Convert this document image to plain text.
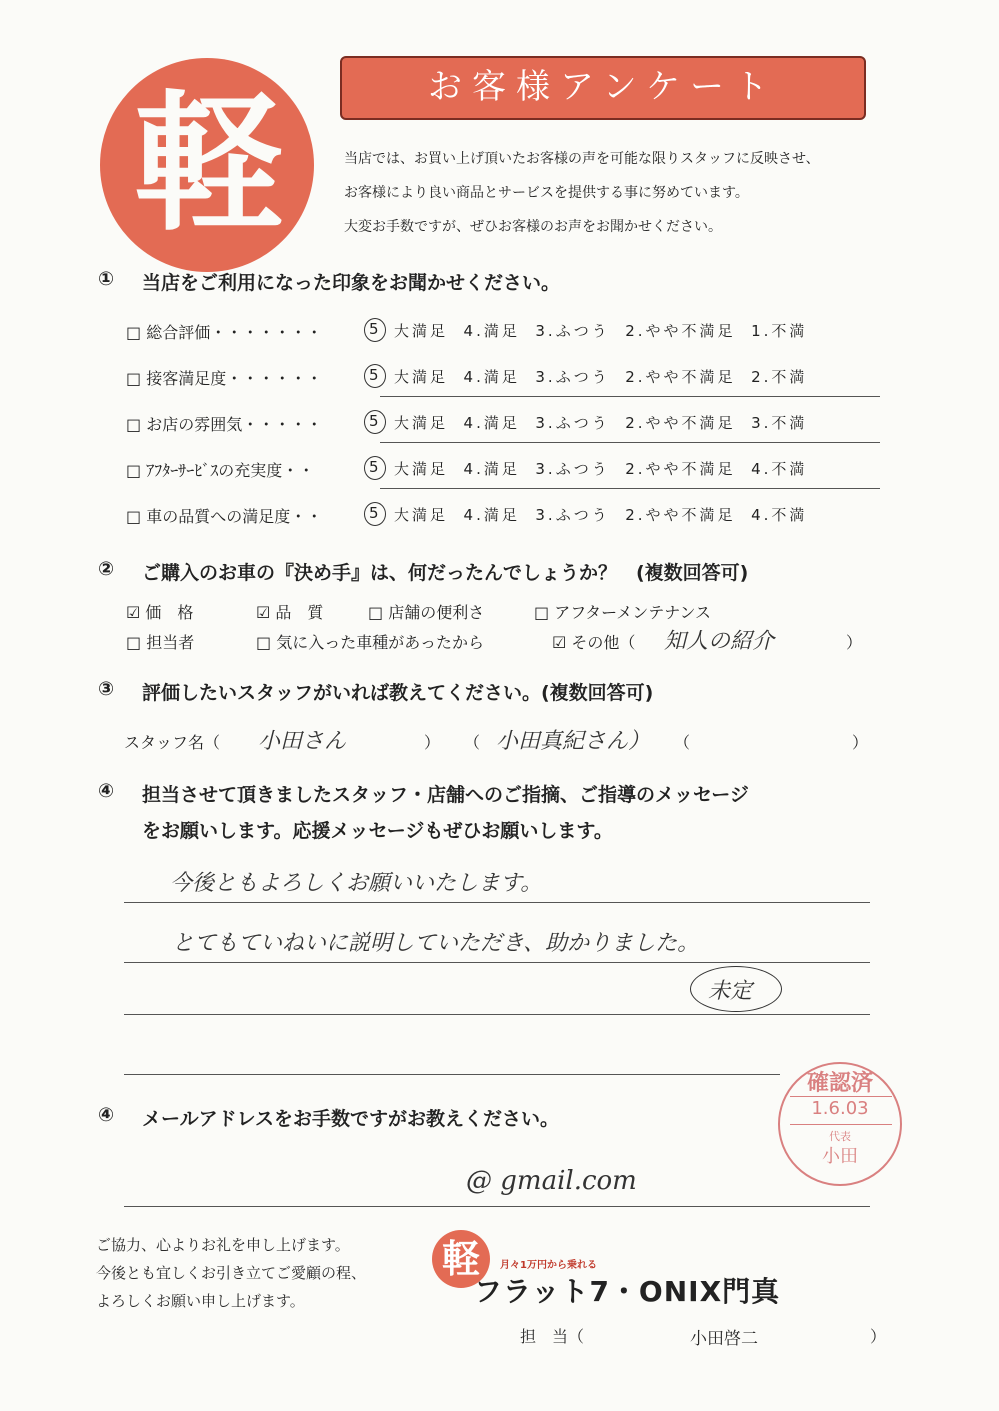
軽	お客様アンケート
当店では、お買い上げ頂いたお客様の声を可能な限りスタッフに反映させ、
お客様により良い商品とサービスを提供する事に努めています。
大変お手数ですが、ぜひお客様のお声をお聞かせください。
① 当店をご利用になった印象をお聞かせください。
□ 総合評価・・・・・・・	5 大満足  4.満足  3.ふつう  2.やや不満足  1.不満
□ 接客満足度・・・・・・	5 大満足  4.満足  3.ふつう  2.やや不満足  2.不満
□ お店の雰囲気・・・・・	5 大満足  4.満足  3.ふつう  2.やや不満足  3.不満
□ ｱﾌﾀｰｻｰﾋﾞｽの充実度・・	5 大満足  4.満足  3.ふつう  2.やや不満足  4.不満
□ 車の品質への満足度・・	5 大満足  4.満足  3.ふつう  2.やや不満足  4.不満
② ご購入のお車の『決め手』は、何だったんでしょうか？　(複数回答可)
☑ 価　格	☑ 品　質	□ 店舗の便利さ	□ アフターメンテナンス
□ 担当者	□ 気に入った車種があったから	☑ その他（ 知人の紹介	）
③ 評価したいスタッフがいれば教えてください。(複数回答可)
スタッフ名（ 小田さん	） （ 小田真紀さん） （	）
④ 担当させて頂きましたスタッフ・店舗へのご指摘、ご指導のメッセージ
をお願いします。応援メッセージもぜひお願いします。
今後ともよろしくお願いいたします。
とてもていねいに説明していただき、助かりました。
未定
確認済
1.6.03
代表
小田
④ メールアドレスをお手数ですがお教えください。
@ gmail.com
ご協力、心よりお礼を申し上げます。
今後とも宜しくお引き立てご愛顧の程、
よろしくお願い申し上げます。
軽	月々1万円から乗れる
フラット7・ONIX門真
担　当（	小田啓二	）
